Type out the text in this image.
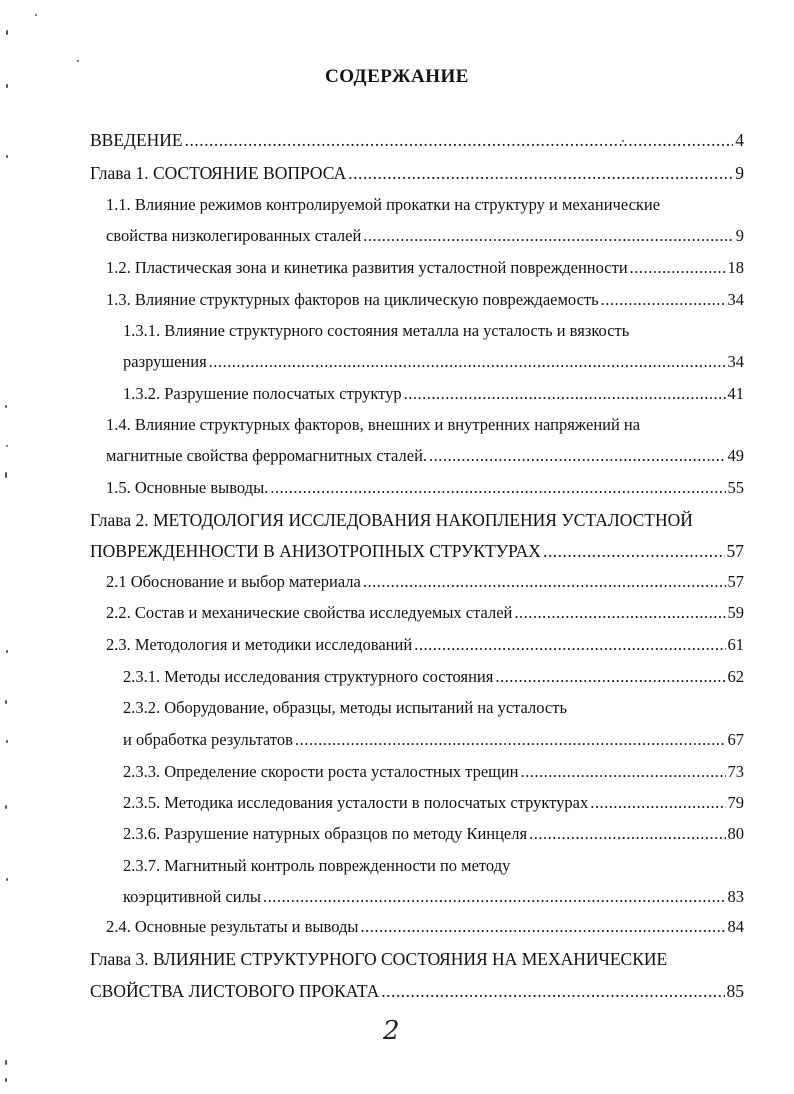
СОДЕРЖАНИЕ
ВВЕДЕНИЕ .....	4
Глава 1. СОСТОЯНИЕ ВОПРОСА .....	9
1.1. Влияние режимов контролируемой прокатки на структуру и механические
свойства низколегированных сталей .....	9
1.2. Пластическая зона и кинетика развития усталостной поврежденности .....	18
1.3. Влияние структурных факторов на циклическую повреждаемость .....	34
1.3.1. Влияние структурного состояния металла на усталость и вязкость
разрушения .....	34
1.3.2. Разрушение полосчатых структур .....	41
1.4. Влияние структурных факторов, внешних и внутренних напряжений на
магнитные свойства ферромагнитных сталей. .....	49
1.5. Основные выводы. .....	55
Глава 2. МЕТОДОЛОГИЯ ИССЛЕДОВАНИЯ НАКОПЛЕНИЯ УСТАЛОСТНОЙ
ПОВРЕЖДЕННОСТИ В АНИЗОТРОПНЫХ СТРУКТУРАХ .....	57
2.1 Обоснование и выбор материала .....	57
2.2. Состав и механические свойства исследуемых сталей .....	59
2.3. Методология и методики исследований .....	61
2.3.1. Методы исследования структурного состояния .....	62
2.3.2. Оборудование, образцы, методы испытаний на усталость
и обработка результатов .....	67
2.3.3. Определение скорости роста усталостных трещин .....	73
2.3.5. Методика исследования усталости в полосчатых структурах .....	79
2.3.6. Разрушение натурных образцов по методу Кинцеля .....	80
2.3.7. Магнитный контроль поврежденности по методу
коэрцитивной силы .....	83
2.4. Основные результаты и выводы .....	84
Глава 3. ВЛИЯНИЕ СТРУКТУРНОГО СОСТОЯНИЯ НА МЕХАНИЧЕСКИЕ
СВОЙСТВА ЛИСТОВОГО ПРОКАТА .....	85
2
